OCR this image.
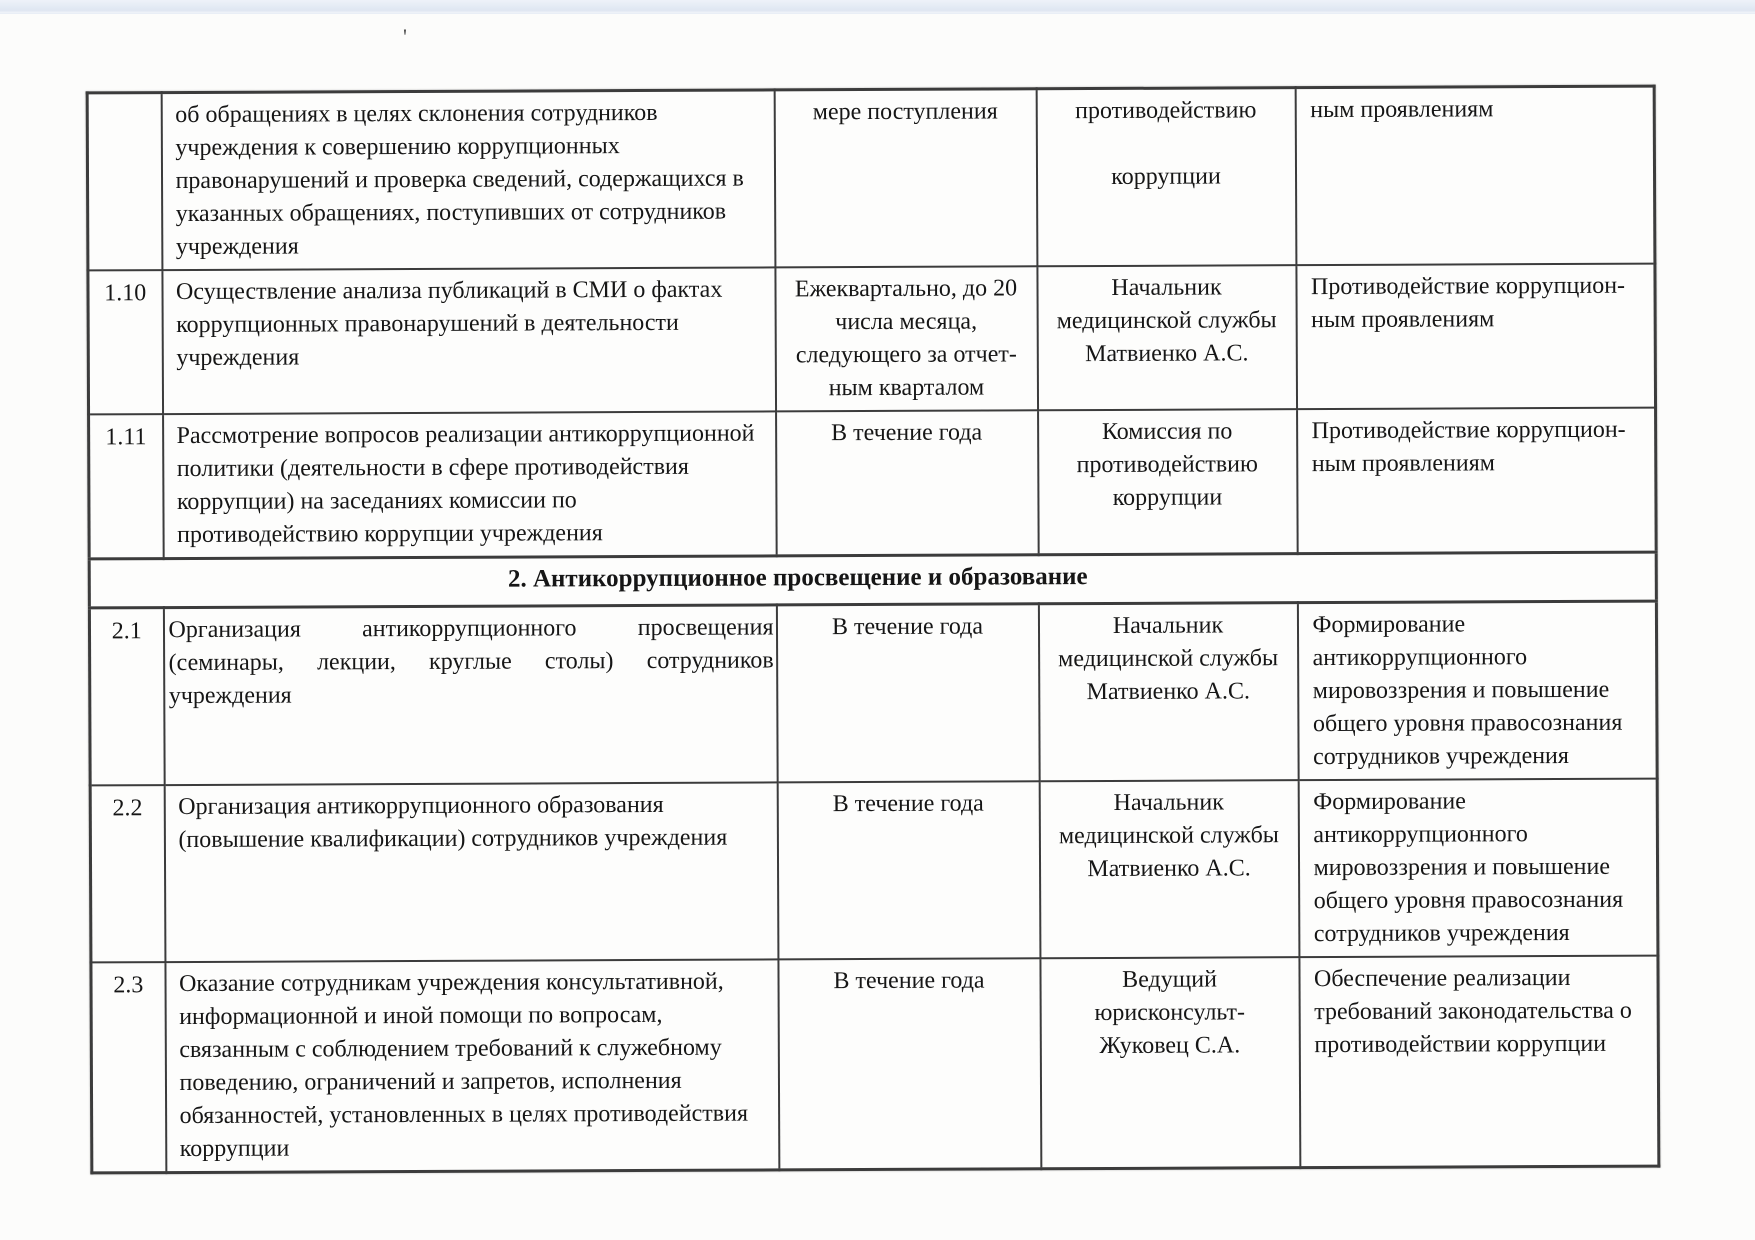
'
	об обращениях в целях склонения сотрудников
учреждения к совершению коррупционных
правонарушений и проверка сведений, содержащихся в
указанных обращениях, поступивших от сотрудников
учреждения	мере поступления	противодействию

коррупции	ным проявлениям
1.10	Осуществление анализа публикаций в СМИ о фактах
коррупционных правонарушений в деятельности
учреждения	Ежеквартально, до 20
числа месяца,
следующего за отчет-
ным кварталом	Начальник
медицинской службы
Матвиенко А.С.	Противодействие коррупцион-
ным проявлениям
1.11	Рассмотрение вопросов реализации антикоррупционной
политики (деятельности в сфере противодействия
коррупции) на заседаниях комиссии по
противодействию коррупции учреждения	В течение года	Комиссия по
противодействию
коррупции	Противодействие коррупцион-
ным проявлениям
2. Антикоррупционное просвещение и образование				
2.1	Организация антикоррупционного просвещения
(семинары, лекции, круглые столы) сотрудников
учреждения	В течение года	Начальник
медицинской службы
Матвиенко А.С.	Формирование
антикоррупционного
мировоззрения и повышение
общего уровня правосознания
сотрудников учреждения
2.2	Организация антикоррупционного образования
(повышение квалификации) сотрудников учреждения	В течение года	Начальник
медицинской службы
Матвиенко А.С.	Формирование
антикоррупционного
мировоззрения и повышение
общего уровня правосознания
сотрудников учреждения
2.3	Оказание сотрудникам учреждения консультативной,
информационной и иной помощи по вопросам,
связанным с соблюдением требований к служебному
поведению, ограничений и запретов, исполнения
обязанностей, установленных в целях противодействия
коррупции	В течение года	Ведущий
юрисконсульт-
Жуковец С.А.	Обеспечение реализации
требований законодательства о
противодействии коррупции
